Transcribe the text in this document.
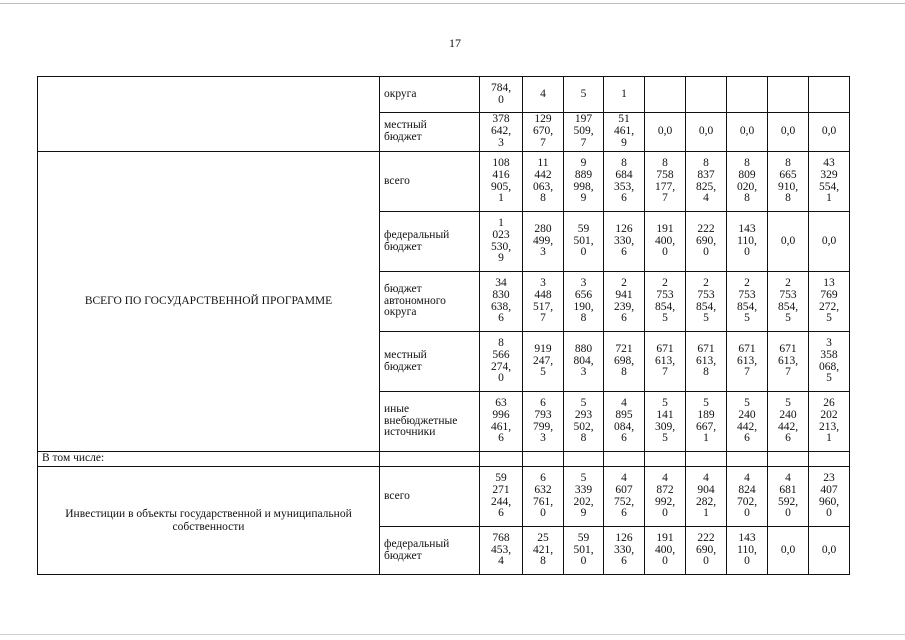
17
	округа	784,
0	4	5	1					
	местный
бюджет	378
642,
3	129
670,
7	197
509,
7	51
461,
9	0,0	0,0	0,0	0,0	0,0
ВСЕГО ПО ГОСУДАРСТВЕННОЙ ПРОГРАММЕ	всего	108
416
905,
1	11
442
063,
8	9
889
998,
9	8
684
353,
6	8
758
177,
7	8
837
825,
4	8
809
020,
8	8
665
910,
8	43
329
554,
1
	федеральный
бюджет	1
023
530,
9	280
499,
3	59
501,
0	126
330,
6	191
400,
0	222
690,
0	143
110,
0	0,0	0,0
	бюджет
автономного
округа	34
830
638,
6	3
448
517,
7	3
656
190,
8	2
941
239,
6	2
753
854,
5	2
753
854,
5	2
753
854,
5	2
753
854,
5	13
769
272,
5
	местный
бюджет	8
566
274,
0	919
247,
5	880
804,
3	721
698,
8	671
613,
7	671
613,
8	671
613,
7	671
613,
7	3
358
068,
5
	иные
внебюджетные
источники	63
996
461,
6	6
793
799,
3	5
293
502,
8	4
895
084,
6	5
141
309,
5	5
189
667,
1	5
240
442,
6	5
240
442,
6	26
202
213,
1
В том числе:										
Инвестиции в объекты государственной и муниципальной собственности	всего	59
271
244,
6	6
632
761,
0	5
339
202,
9	4
607
752,
6	4
872
992,
0	4
904
282,
1	4
824
702,
0	4
681
592,
0	23
407
960,
0
	федеральный
бюджет	768
453,
4	25
421,
8	59
501,
0	126
330,
6	191
400,
0	222
690,
0	143
110,
0	0,0	0,0
